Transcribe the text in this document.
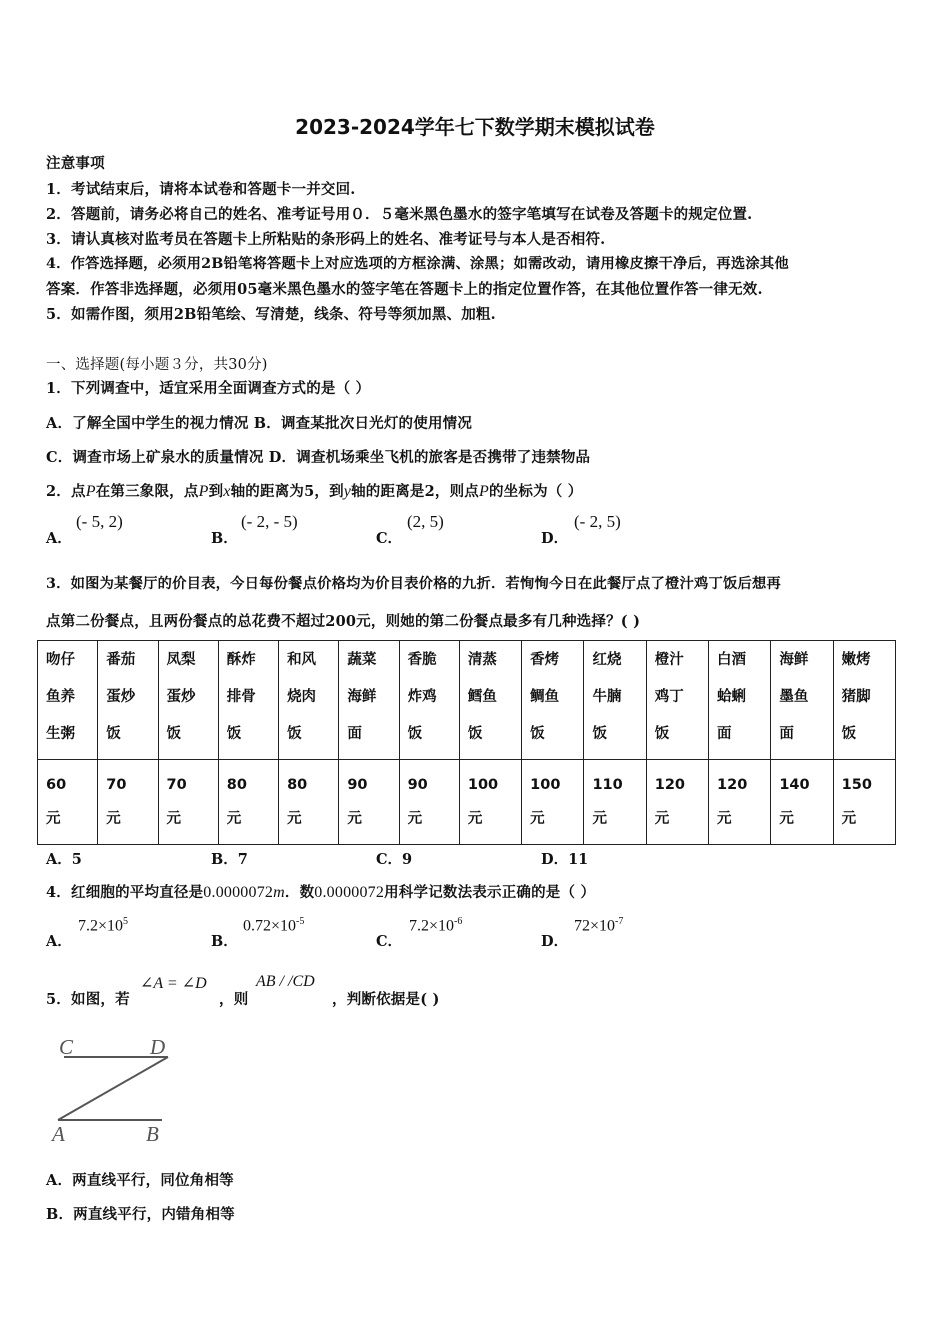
2023-2024学年七下数学期末模拟试卷
注意事项
1．考试结束后，请将本试卷和答题卡一并交回.
2．答题前，请务必将自己的姓名、准考证号用０．５毫米黑色墨水的签字笔填写在试卷及答题卡的规定位置.
3．请认真核对监考员在答题卡上所粘贴的条形码上的姓名、准考证号与本人是否相符.
4．作答选择题，必须用2B铅笔将答题卡上对应选项的方框涂满、涂黑；如需改动，请用橡皮擦干净后，再选涂其他
答案．作答非选择题，必须用05毫米黑色墨水的签字笔在答题卡上的指定位置作答，在其他位置作答一律无效.
5．如需作图，须用2B铅笔绘、写清楚，线条、符号等须加黑、加粗.
一、选择题(每小题３分，共30分)
1．下列调查中，适宜采用全面调查方式的是（ ）
A．了解全国中学生的视力情况 B．调查某批次日光灯的使用情况
C．调查市场上矿泉水的质量情况 D．调查机场乘坐飞机的旅客是否携带了违禁物品
2．点P在第三象限，点P到x轴的距离为5，到y轴的距离是2，则点P的坐标为（ ）
A．
(- 5, 2)
B．
(- 2, - 5)
C．
(2, 5)
D．
(- 2, 5)
3．如图为某餐厅的价目表，今日每份餐点价格均为价目表价格的九折．若恂恂今日在此餐厅点了橙汁鸡丁饭后想再
点第二份餐点，且两份餐点的总花费不超过200元，则她的第二份餐点最多有几种选择？( )
吻仔
鱼养
生粥	番茄
蛋炒
饭	凤梨
蛋炒
饭	酥炸
排骨
饭	和风
烧肉
饭	蔬菜
海鲜
面	香脆
炸鸡
饭	清蒸
鳕鱼
饭	香烤
鲷鱼
饭	红烧
牛腩
饭	橙汁
鸡丁
饭	白酒
蛤蜊
面	海鲜
墨鱼
面	嫩烤
猪脚
饭

60
元	70
元	70
元	80
元	80
元	90
元	90
元	100
元	100
元	110
元	120
元	120
元	140
元	150
元
A．5	B．7	C．9	D．11
4．红细胞的平均直径是0.0000072m．数0.0000072用科学记数法表示正确的是（ ）
A．
$7.2\times 10^5$
B．
$0.72\times 10^{-5}$
C．
$7.2\times 10^{-6}$
D．
$72\times 10^{-7}$
5．如图，若
∠A = ∠D
，则
AB / /CD
，判断依据是( )
C	D
A	B
A．两直线平行，同位角相等
B．两直线平行，内错角相等
